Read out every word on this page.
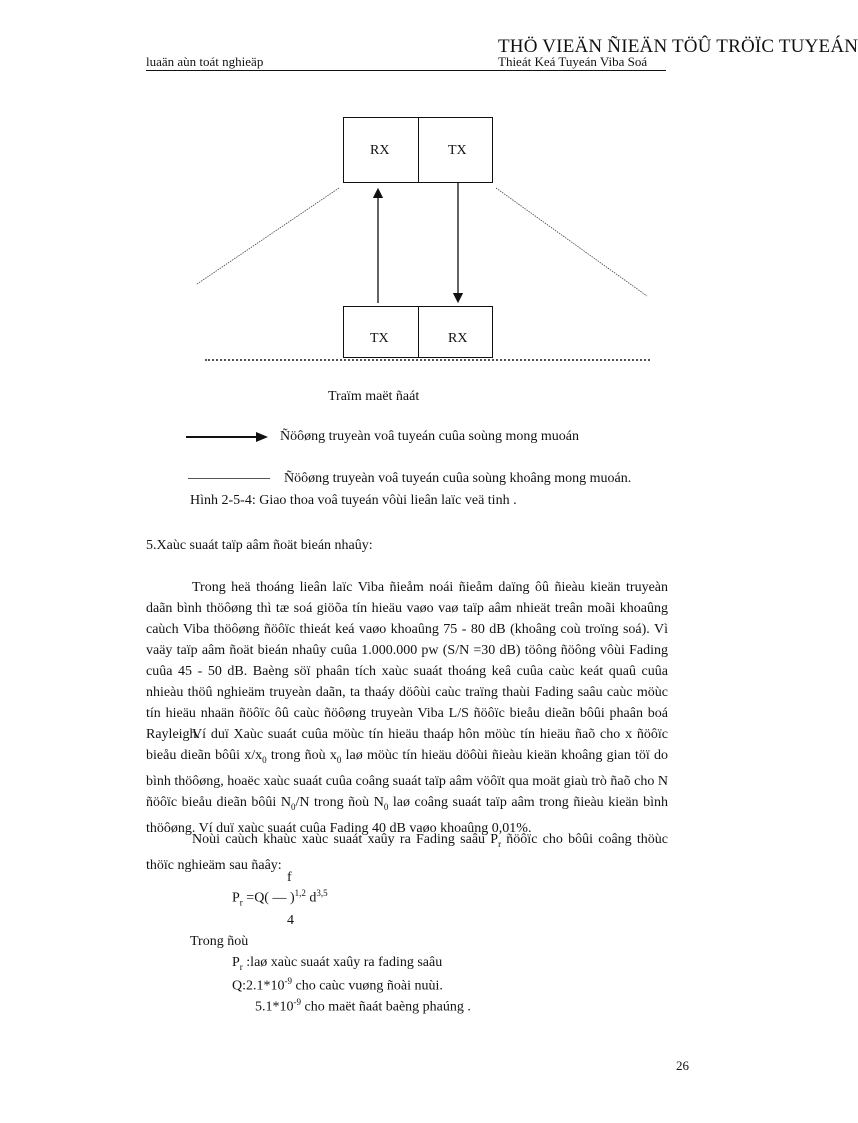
luaän aùn toát nghieäp
THÖ VIEÄN ÑIEÄN TÖÛ TRÖÏC TUYEÁN
Thieát Keá Tuyeán Viba Soá
RX	TX
TX	RX
Traïm maët ñaát
Ñöôøng truyeàn voâ tuyeán cuûa soùng mong muoán
Ñöôøng truyeàn voâ tuyeán cuûa soùng khoâng mong muoán.
Hình 2-5-4: Giao thoa voâ tuyeán vôùi lieân laïc veä tinh .
5.Xaùc suaát taïp aâm ñoät bieán nhaûy:

Trong heä thoáng lieân laïc Viba ñieåm noái ñieåm daïng ôû ñieàu kieän truyeàn daãn bình thöôøng thì tæ soá giöõa tín hieäu vaøo vaø taïp aâm nhieät treân moãi khoaûng caùch Viba thöôøng ñöôïc thieát keá vaøo khoaûng 75 - 80 dB (khoâng coù troïng soá). Vì vaäy taïp aâm ñoät bieán nhaûy cuûa 1.000.000 pw (S/N =30 dB) töông ñöông vôùi Fading cuûa 45 - 50 dB. Baèng söï phaân tích xaùc suaát thoáng keâ cuûa caùc keát quaû cuûa nhieàu thöû nghieäm truyeàn daãn, ta thaáy döôùi caùc traïng thaùi Fading saâu caùc möùc tín hieäu nhaän ñöôïc ôû caùc ñöôøng truyeàn Viba L/S ñöôïc bieåu dieãn bôûi phaân boá Rayleigh.

Ví duï Xaùc suaát cuûa möùc tín hieäu thaáp hôn möùc tín hieäu ñaõ cho x ñöôïc bieåu dieãn bôûi $x/x_0$ trong ñoù $x_0$ laø möùc tín hieäu döôùi ñieàu kieän khoâng gian töï do bình thöôøng, hoaëc xaùc suaát cuûa coâng suaát taïp aâm vöôït qua moät giaù trò ñaõ cho N ñöôïc bieåu dieãn bôûi $N_0/N$ trong ñoù $N_0$ laø coâng suaát taïp aâm trong ñieàu kieän bình thöôøng. Ví duï xaùc suaát cuûa Fading 40 dB vaøo khoaûng 0,01%.

Noùi caùch khaùc xaùc suaát xaûy ra Fading saâu $P_r$ ñöôïc cho bôûi coâng thöùc thöïc nghieäm sau ñaây:

f
$P_r =Q$( — )$^{1,2}$ $d^{3,5}$
4
Trong ñoù
$P_r$ :laø xaùc suaát xaûy ra fading saâu
$Q:2.1*10^{-9}$ cho caùc vuøng ñoài nuùi.
$5.1*10^{-9}$ cho maët ñaát baèng phaúng .
26
